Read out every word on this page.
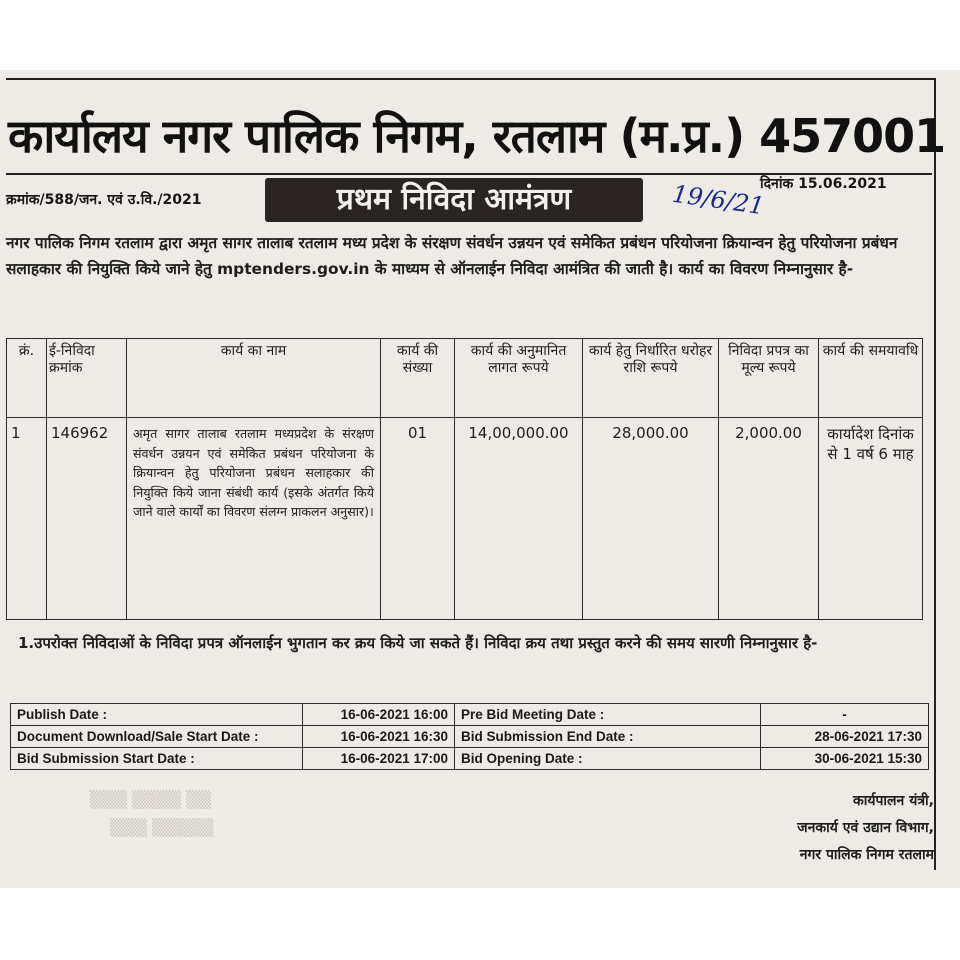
▒▒▒ ▒▒▒▒ ▒▒
▒▒▒ ▒▒▒▒▒
कार्यालय नगर पालिक निगम, रतलाम (म.प्र.) 457001
क्रमांक/588/जन. एवं उ.वि./2021	प्रथम निविदा आमंत्रण	19/6/21
दिनांक 15.06.2021
नगर पालिक निगम रतलाम द्वारा अमृत सागर तालाब रतलाम मध्य प्रदेश के संरक्षण संवर्धन उन्नयन एवं समेकित प्रबंधन परियोजना क्रियान्वन हेतु परियोजना प्रबंधन सलाहकार की नियुक्ति किये जाने हेतु mptenders.gov.in के माध्यम से ऑनलाईन निविदा आमंत्रित की जाती है। कार्य का विवरण निम्नानुसार है-
क्रं.	ई-निविदा क्रमांक	कार्य का नाम	कार्य की संख्या	कार्य की अनुमानित लागत रूपये	कार्य हेतु निर्धारित धरोहर राशि रूपये	निविदा प्रपत्र का मूल्य रूपये	कार्य की समयावधि
1	146962	अमृत सागर तालाब रतलाम मध्यप्रदेश के संरक्षण संवर्धन उन्नयन एवं समेकित प्रबंधन परियोजना के क्रियान्वन हेतु परियोजना प्रबंधन सलाहकार की नियुक्ति किये जाना संबंधी कार्य (इसके अंतर्गत किये जाने वाले कार्यों का विवरण संलग्न प्राकलन अनुसार)।	01	14,00,000.00	28,000.00	2,000.00	कार्यादेश दिनांक से 1 वर्ष 6 माह
1.उपरोक्त निविदाओं के निविदा प्रपत्र ऑनलाईन भुगतान कर क्रय किये जा सकते हैं। निविदा क्रय तथा प्रस्तुत करने की समय सारणी निम्नानुसार है-
Publish Date :	16-06-2021 16:00	Pre Bid Meeting Date :	-
Document Download/Sale Start Date :	16-06-2021 16:30	Bid Submission End Date :	28-06-2021 17:30
Bid Submission Start Date :	16-06-2021 17:00	Bid Opening Date :	30-06-2021 15:30
कार्यपालन यंत्री,
जनकार्य एवं उद्यान विभाग,
नगर पालिक निगम रतलाम
